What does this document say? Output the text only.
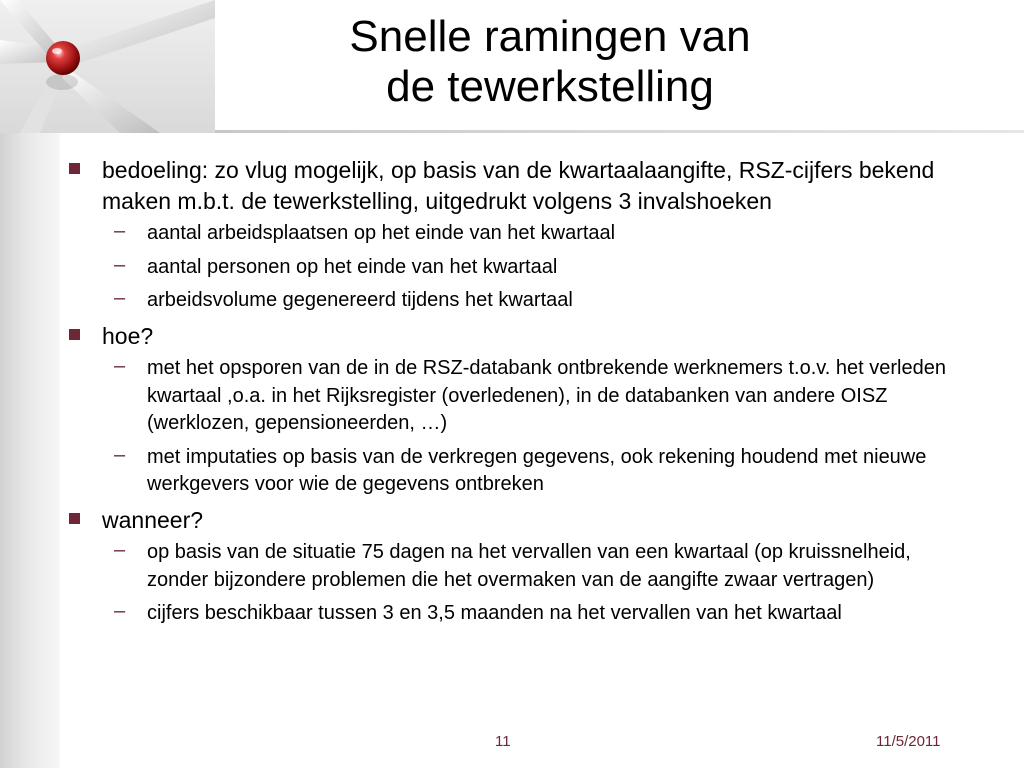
Snelle ramingen van
de tewerkstelling
bedoeling: zo vlug mogelijk, op basis van de kwartaalaangifte, RSZ-cijfers bekend maken m.b.t. de tewerkstelling, uitgedrukt volgens 3 invalshoeken
– aantal arbeidsplaatsen op het einde van het kwartaal
– aantal personen op het einde van het kwartaal
– arbeidsvolume gegenereerd tijdens het kwartaal
hoe?
– met het opsporen van de in de RSZ-databank ontbrekende werknemers t.o.v. het verleden kwartaal ,o.a. in het Rijksregister (overledenen), in de databanken van andere OISZ (werklozen, gepensioneerden, …)
– met imputaties op basis van de verkregen gegevens, ook rekening houdend met nieuwe werkgevers voor wie de gegevens ontbreken
wanneer?
– op basis van de situatie 75 dagen na het vervallen van een kwartaal (op kruissnelheid, zonder bijzondere problemen die het overmaken van de aangifte zwaar vertragen)
– cijfers beschikbaar tussen 3 en 3,5 maanden na het vervallen van het kwartaal
11	11/5/2011
